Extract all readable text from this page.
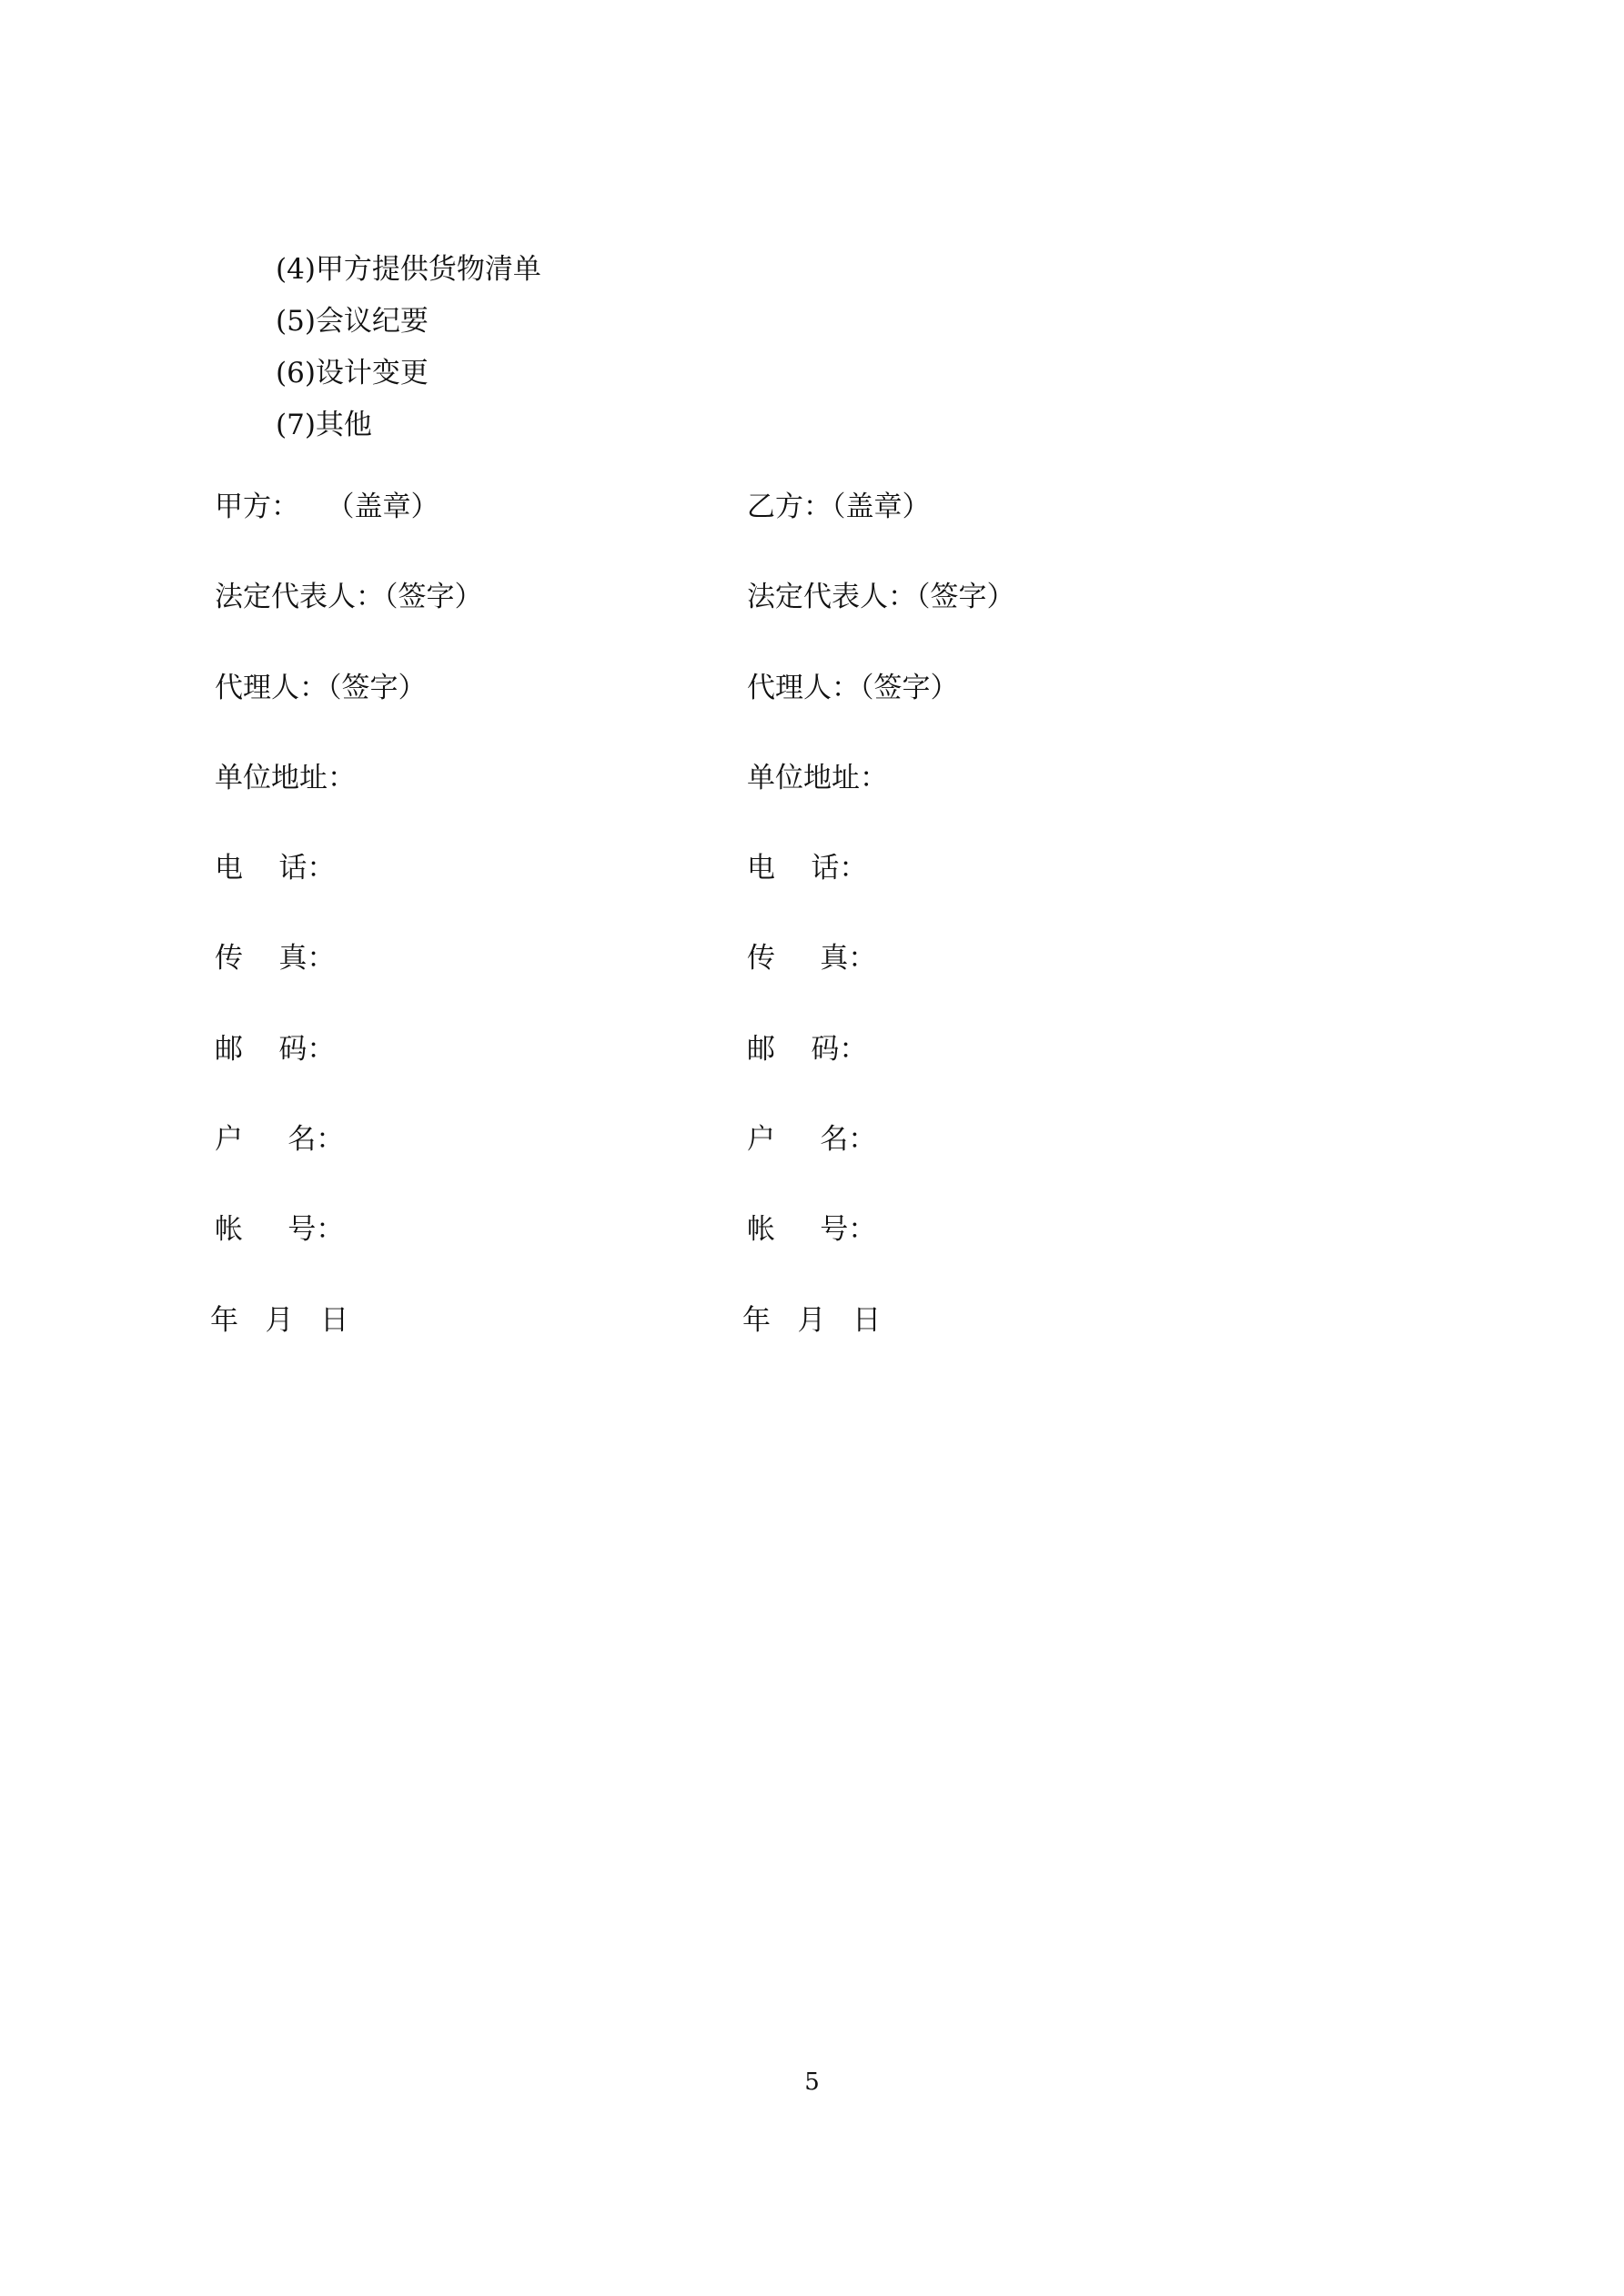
(4)甲方提供货物清单
(5)会议纪要
(6)设计变更
(7)其他
甲方：   （盖章）
法定代表人：（签字）
代理人：（签字）
单位地址：
电    话：
传    真：
邮    码：
户     名：
帐     号：
年   月   日
乙方：（盖章）
法定代表人：（签字）
代理人：（签字）
单位地址：
电    话：
传     真：
邮    码：
户     名：
帐     号：
年   月   日
5
